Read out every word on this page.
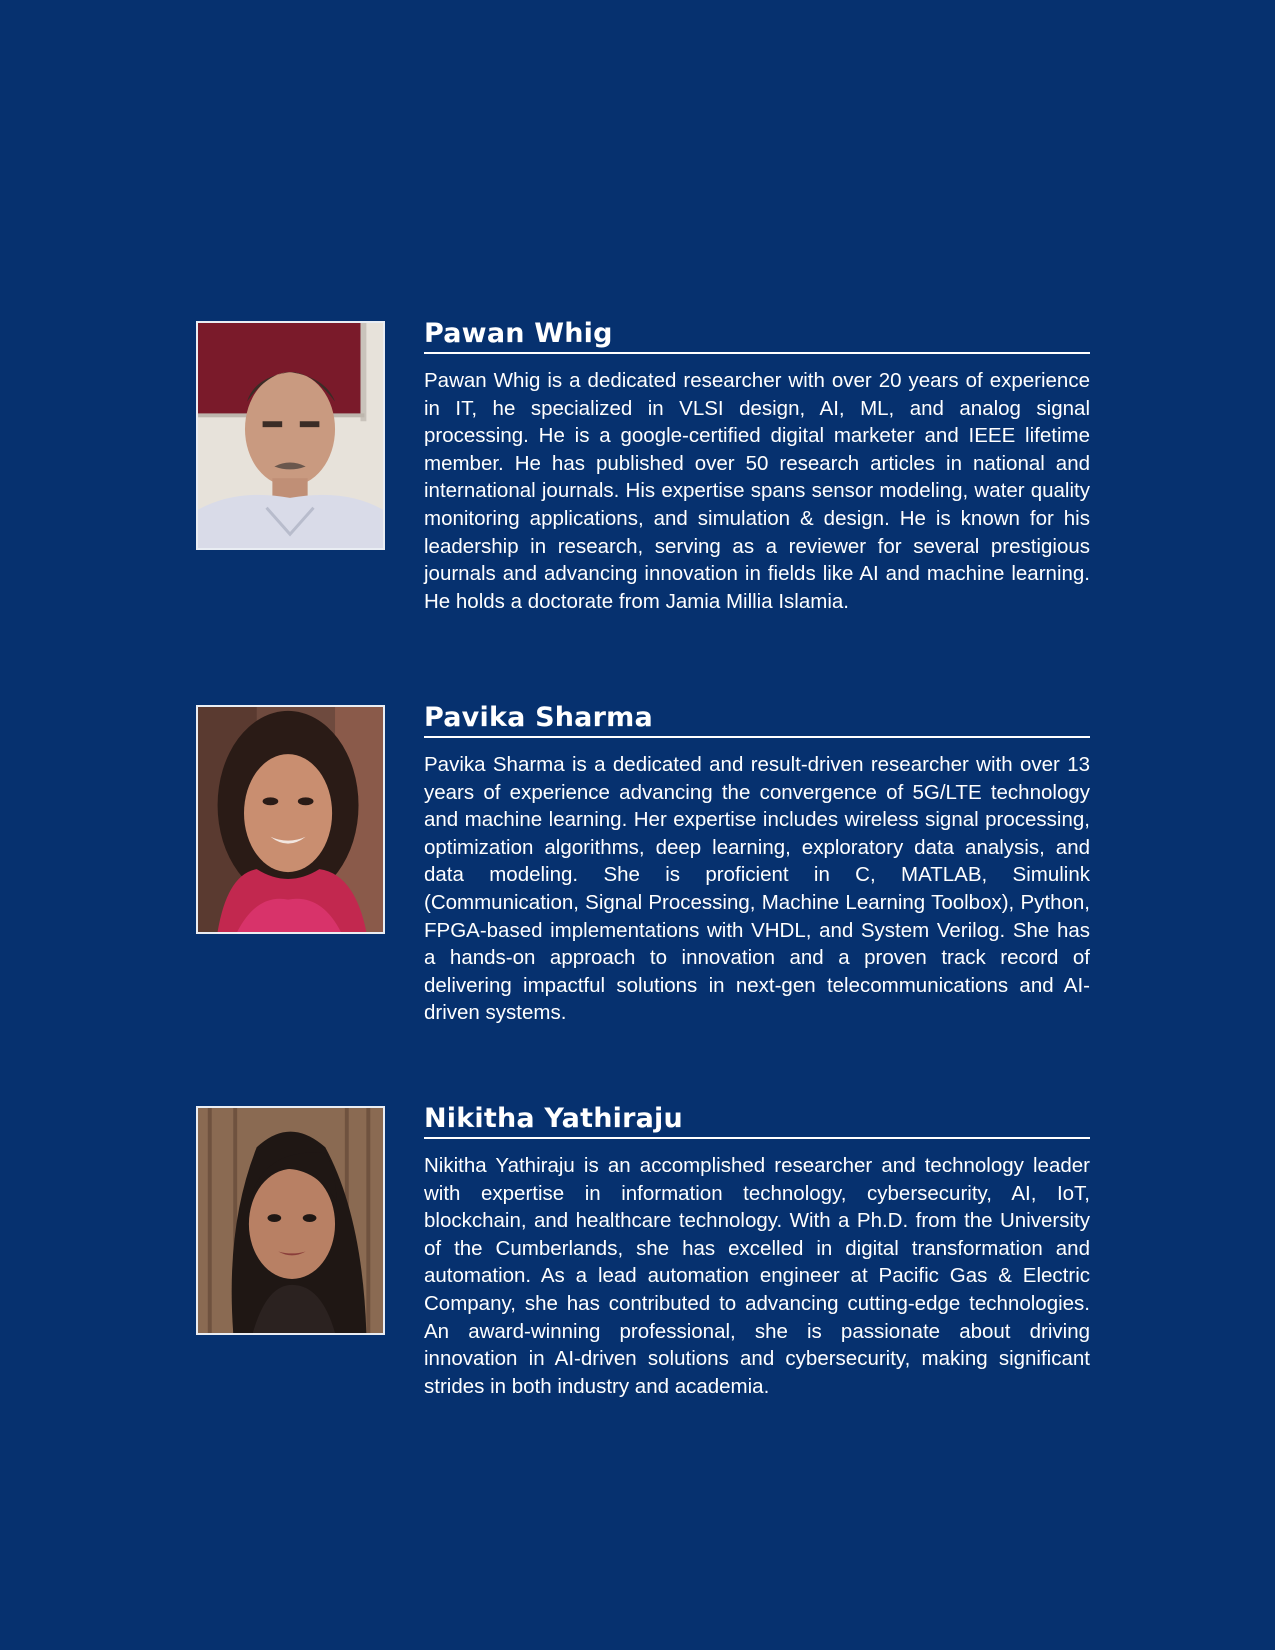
Pawan Whig

Pawan Whig is a dedicated researcher with over 20 years of experience in IT, he specialized in VLSI design, AI, ML, and analog signal processing. He is a google-certified digital marketer and IEEE lifetime member. He has published over 50 research articles in national and international journals. His expertise spans sensor modeling, water quality monitoring applications, and simulation & design. He is known for his leadership in research, serving as a reviewer for several prestigious journals and advancing innovation in fields like AI and machine learning. He holds a doctorate from Jamia Millia Islamia.

Pavika Sharma

Pavika Sharma is a dedicated and result-driven researcher with over 13 years of experience advancing the convergence of 5G/LTE technology and machine learning. Her expertise includes wireless signal processing, optimization algorithms, deep learning, exploratory data analysis, and data modeling. She is proficient in C, MATLAB, Simulink (Communication, Signal Processing, Machine Learning Toolbox), Python, FPGA-based implementations with VHDL, and System Verilog. She has a hands-on approach to innovation and a proven track record of delivering impactful solutions in next-gen telecommunications and AI-driven systems.

Nikitha Yathiraju

Nikitha Yathiraju is an accomplished researcher and technology leader with expertise in information technology, cybersecurity, AI, IoT, blockchain, and healthcare technology. With a Ph.D. from the University of the Cumberlands, she has excelled in digital transformation and automation. As a lead automation engineer at Pacific Gas & Electric Company, she has contributed to advancing cutting-edge technologies. An award-winning professional, she is passionate about driving innovation in AI-driven solutions and cybersecurity, making significant strides in both industry and academia.
